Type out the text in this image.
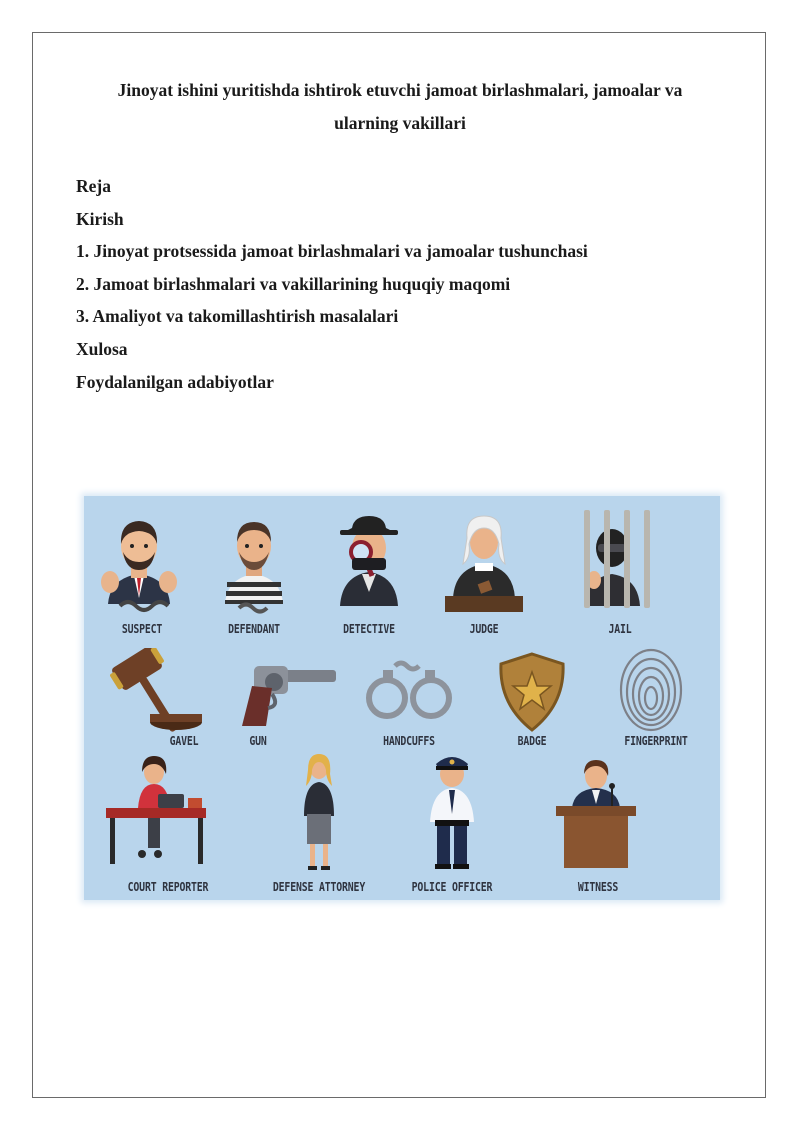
Jinoyat ishini yuritishda ishtirok etuvchi jamoat birlashmalari, jamoalar va
ularning vakillari
Reja
Kirish
1. Jinoyat protsessida jamoat birlashmalari va jamoalar tushunchasi
2. Jamoat birlashmalari va vakillarining huquqiy maqomi
3. Amaliyot va takomillashtirish masalalari
Xulosa
Foydalanilgan adabiyotlar
SUSPECT	DEFENDANT	DETECTIVE	JUDGE	JAIL
GAVEL	GUN	HANDCUFFS	BADGE	FINGERPRINT
COURT REPORTER	DEFENSE ATTORNEY	POLICE OFFICER	WITNESS
